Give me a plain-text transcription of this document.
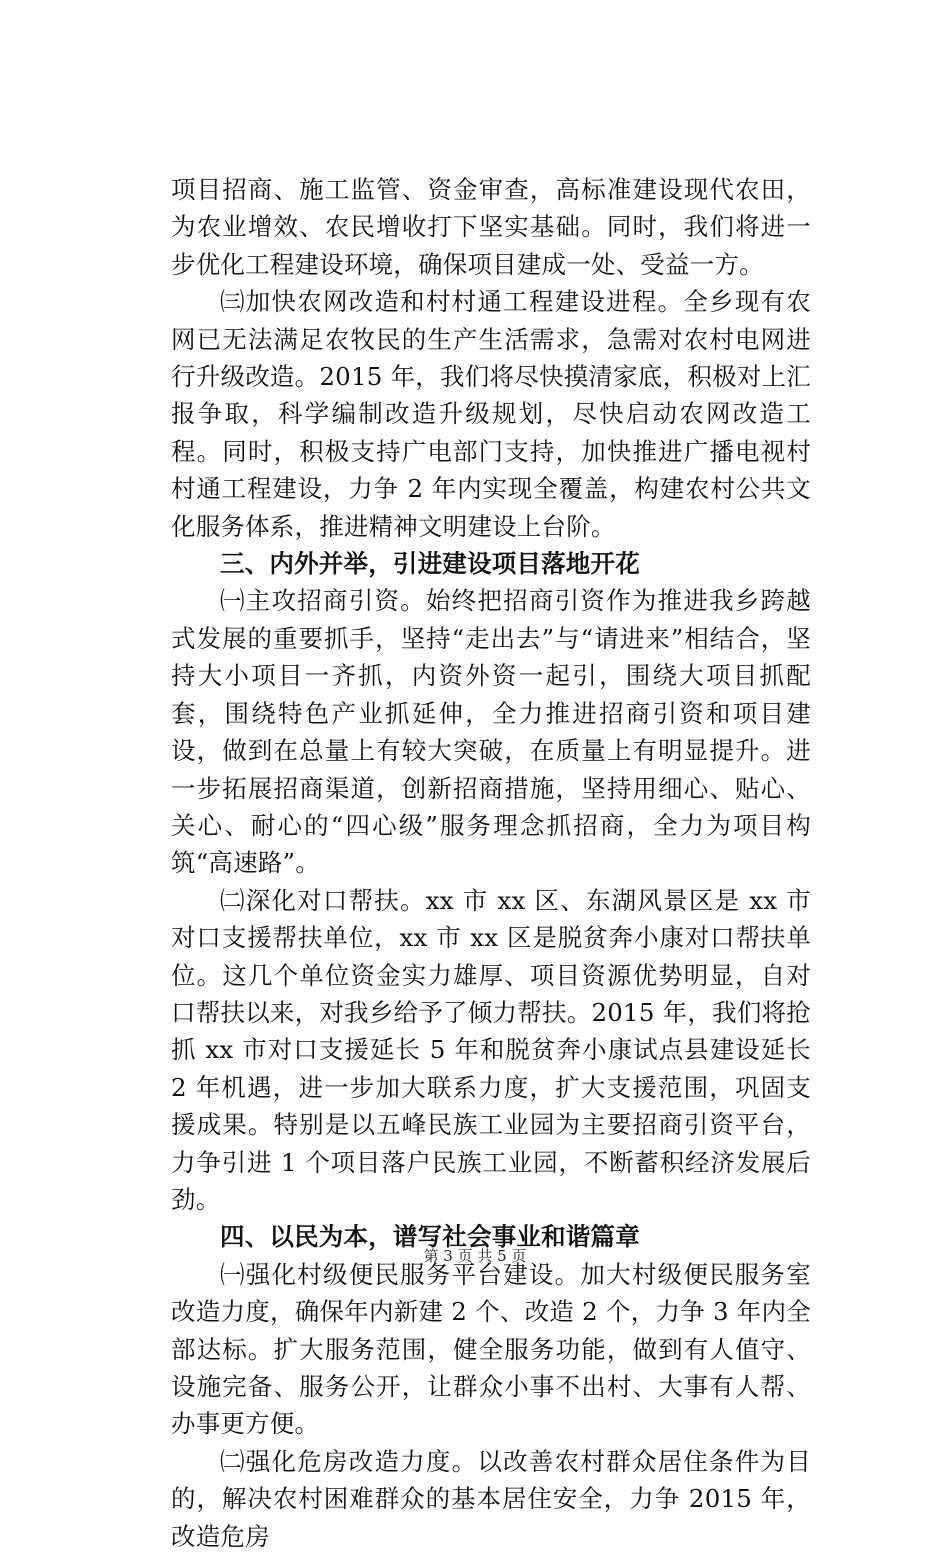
项目招商、施工监管、资金审查，高标准建设现代农田，为农业增效、农民增收打下坚实基础。同时，我们将进一步优化工程建设环境，确保项目建成一处、受益一方。

㈢加快农网改造和村村通工程建设进程。全乡现有农网已无法满足农牧民的生产生活需求，急需对农村电网进行升级改造。2015 年，我们将尽快摸清家底，积极对上汇报争取，科学编制改造升级规划，尽快启动农网改造工程。同时，积极支持广电部门支持，加快推进广播电视村村通工程建设，力争 2 年内实现全覆盖，构建农村公共文化服务体系，推进精神文明建设上台阶。

三、内外并举，引进建设项目落地开花

㈠主攻招商引资。始终把招商引资作为推进我乡跨越式发展的重要抓手，坚持“走出去”与“请进来”相结合，坚持大小项目一齐抓，内资外资一起引，围绕大项目抓配套，围绕特色产业抓延伸，全力推进招商引资和项目建设，做到在总量上有较大突破，在质量上有明显提升。进一步拓展招商渠道，创新招商措施，坚持用细心、贴心、关心、耐心的“四心级”服务理念抓招商，全力为项目构筑“高速路”。

㈡深化对口帮扶。xx 市 xx 区、东湖风景区是 xx 市对口支援帮扶单位，xx 市 xx 区是脱贫奔小康对口帮扶单位。这几个单位资金实力雄厚、项目资源优势明显，自对口帮扶以来，对我乡给予了倾力帮扶。2015 年，我们将抢抓 xx 市对口支援延长 5 年和脱贫奔小康试点县建设延长 2 年机遇，进一步加大联系力度，扩大支援范围，巩固支援成果。特别是以五峰民族工业园为主要招商引资平台，力争引进 1 个项目落户民族工业园，不断蓄积经济发展后劲。

四、以民为本，谱写社会事业和谐篇章

㈠强化村级便民服务平台建设。加大村级便民服务室改造力度，确保年内新建 2 个、改造 2 个，力争 3 年内全部达标。扩大服务范围，健全服务功能，做到有人值守、设施完备、服务公开，让群众小事不出村、大事有人帮、办事更方便。

㈡强化危房改造力度。以改善农村群众居住条件为目的，解决农村困难群众的基本居住安全，力争 2015 年，改造危房

第 3 页 共 5 页
